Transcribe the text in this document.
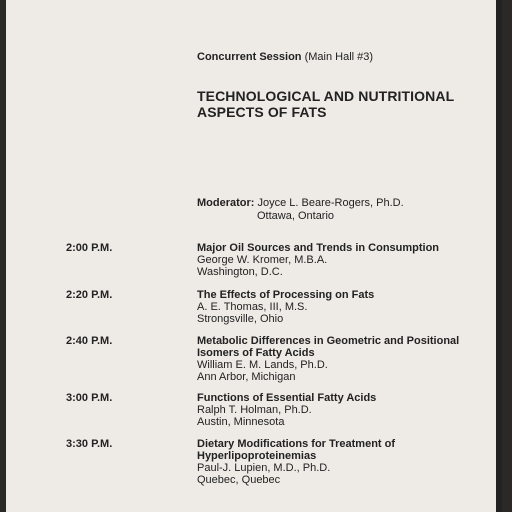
Concurrent Session (Main Hall #3)
TECHNOLOGICAL AND NUTRITIONAL
ASPECTS OF FATS
Moderator: Joyce L. Beare-Rogers, Ph.D.
Ottawa, Ontario
2:00 P.M.	Major Oil Sources and Trends in Consumption
George W. Kromer, M.B.A.
Washington, D.C.
2:20 P.M.	The Effects of Processing on Fats
A. E. Thomas, III, M.S.
Strongsville, Ohio
2:40 P.M.	Metabolic Differences in Geometric and Positional
Isomers of Fatty Acids
William E. M. Lands, Ph.D.
Ann Arbor, Michigan
3:00 P.M.	Functions of Essential Fatty Acids
Ralph T. Holman, Ph.D.
Austin, Minnesota
3:30 P.M.	Dietary Modifications for Treatment of
Hyperlipoproteinemias
Paul-J. Lupien, M.D., Ph.D.
Quebec, Quebec
